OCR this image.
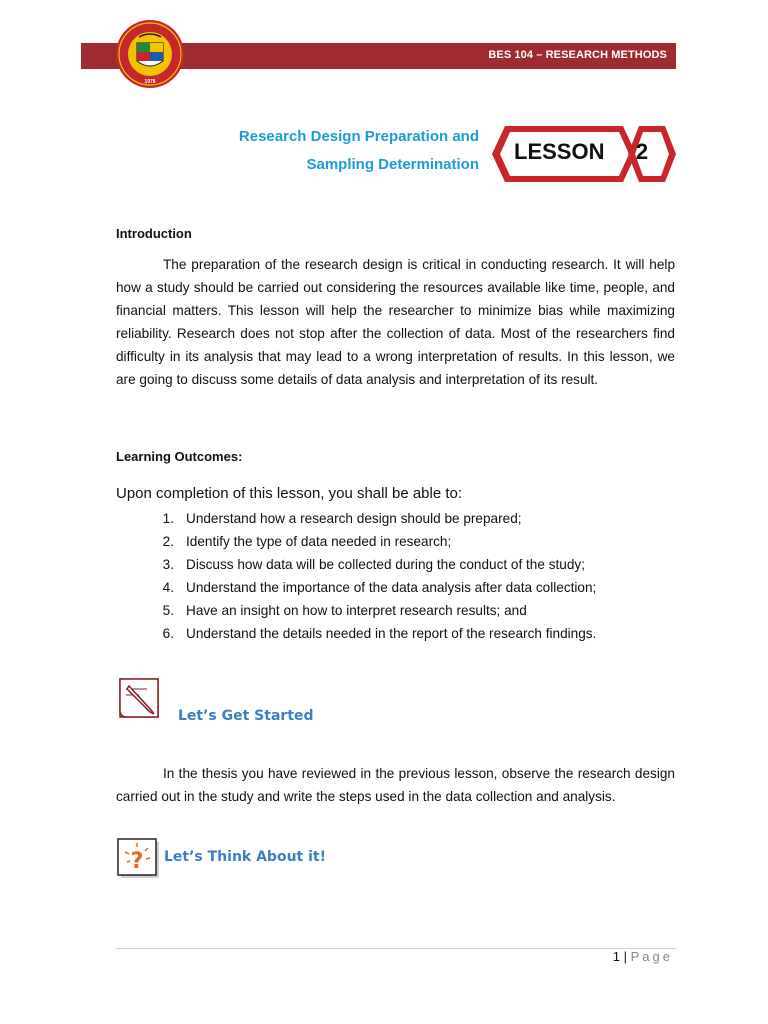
BES 104 – RESEARCH METHODS
1978
Research Design Preparation and
Sampling Determination
LESSON	2
Introduction

The preparation of the research design is critical in conducting research. It will help how a study should be carried out considering the resources available like time, people, and financial matters. This lesson will help the researcher to minimize bias while maximizing reliability. Research does not stop after the collection of data. Most of the researchers find difficulty in its analysis that may lead to a wrong interpretation of results. In this lesson, we are going to discuss some details of data analysis and interpretation of its result.

Learning Outcomes:
Upon completion of this lesson, you shall be able to:
1. Understand how a research design should be prepared;
2. Identify the type of data needed in research;
3. Discuss how data will be collected during the conduct of the study;
4. Understand the importance of the data analysis after data collection;
5. Have an insight on how to interpret research results; and
6. Understand the details needed in the report of the research findings.
Let’s Get Started

In the thesis you have reviewed in the previous lesson, observe the research design carried out in the study and write the steps used in the data collection and analysis.

? Let’s Think About it!
1 | Page
